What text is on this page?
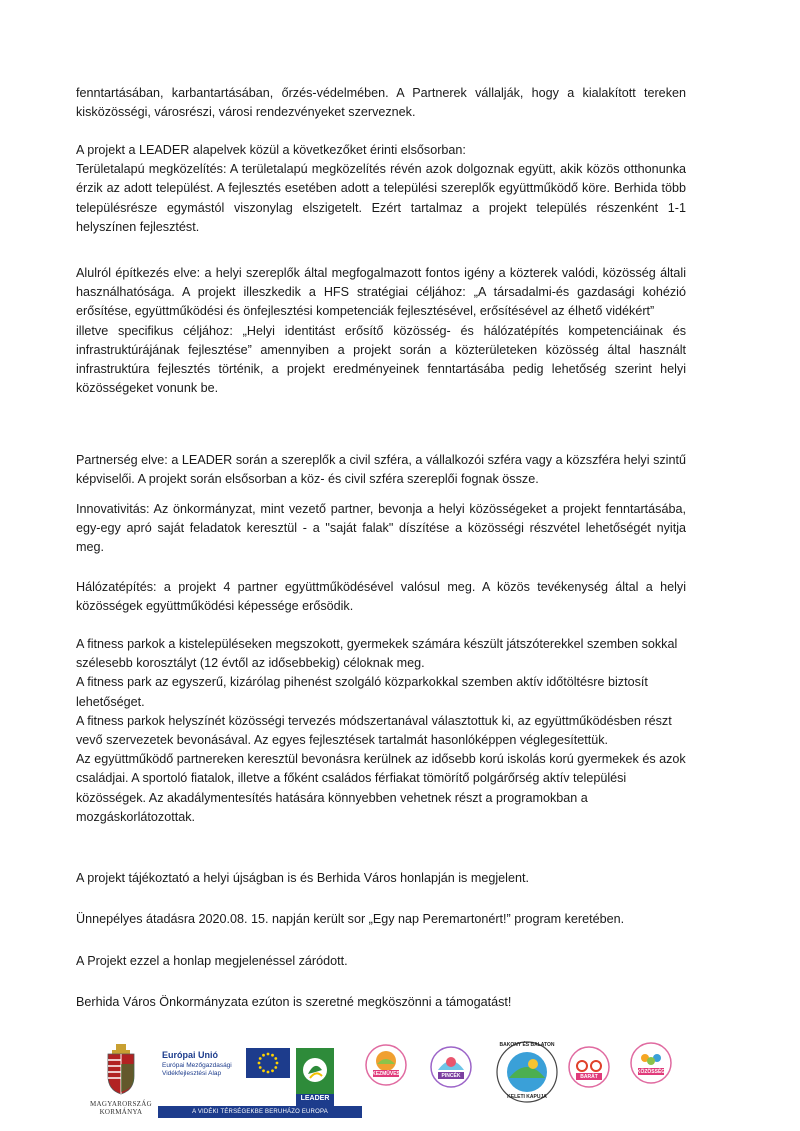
fenntartásában, karbantartásában, őrzés-védelmében. A Partnerek vállalják, hogy a kialakított tereken kisközösségi, városrészi, városi rendezvényeket szerveznek.

A projekt a LEADER alapelvek közül a következőket érinti elsősorban:
Területalapú megközelítés: A területalapú megközelítés révén azok dolgoznak együtt, akik közös otthonunka érzik az adott települést. A fejlesztés esetében adott a települési szereplők együttműködő köre. Berhida több településrésze egymástól viszonylag elszigetelt. Ezért tartalmaz a projekt település részenként 1-1 helyszínen fejlesztést.

Alulról építkezés elve: a helyi szereplők által megfogalmazott fontos igény a közterek valódi, közösség általi használhatósága. A projekt illeszkedik a HFS stratégiai céljához: „A társadalmi-és gazdasági kohézió erősítése, együttműködési és önfejlesztési kompetenciák fejlesztésével, erősítésével az élhető vidékért”
illetve specifikus céljához: „Helyi identitást erősítő közösség- és hálózatépítés kompetenciáinak és infrastruktúrájának fejlesztése” amennyiben a projekt során a közterületeken közösség által használt infrastruktúra fejlesztés történik, a projekt eredményeinek fenntartásába pedig lehetőség szerint helyi közösségeket vonunk be.

Partnerség elve: a LEADER során a szereplők a civil szféra, a vállalkozói szféra vagy a közszféra helyi szintű képviselői. A projekt során elsősorban a köz- és civil szféra szereplői fognak össze.

Innovativitás: Az önkormányzat, mint vezető partner, bevonja a helyi közösségeket a projekt fenntartásába, egy-egy apró saját feladatok keresztül - a "saját falak" díszítése a közösségi részvétel lehetőségét nyitja meg.

Hálózatépítés: a projekt 4 partner együttműködésével valósul meg. A közös tevékenység által a helyi közösségek együttműködési képessége erősödik.

A fitness parkok a kistelepüléseken megszokott, gyermekek számára készült játszóterekkel szemben sokkal szélesebb korosztályt (12 évtől az idősebbekig) céloknak meg.
A fitness park az egyszerű, kizárólag pihenést szolgáló közparkokkal szemben aktív időtöltésre biztosít lehetőséget.
A fitness parkok helyszínét közösségi tervezés módszertanával választottuk ki, az együttműködésben részt vevő szervezetek bevonásával. Az egyes fejlesztések tartalmát hasonlóképpen véglegesítettük.
Az együttműködő partnereken keresztül bevonásra kerülnek az idősebb korú iskolás korú gyermekek és azok családjai. A sportoló fiatalok, illetve a főként családos férfiakat tömörítő polgárőrség aktív települési közösségek. Az akadálymentesítés hatására könnyebben vehetnek részt a programokban a mozgáskorlátozottak.

A projekt tájékoztató a helyi újságban is és Berhida Város honlapján is megjelent.

Ünnepélyes átadásra 2020.08. 15. napján került sor „Egy nap Peremartonért!” program keretében.

A Projekt ezzel a honlap megjelenéssel záródott.

Berhida Város Önkormányzata ezúton is szeretné megköszönni a támogatást!

MAGYARORSZÁG
KORMÁNYA
Európai Unió
Európai Mezőgazdasági Vidékfejlesztési Alap
A VIDÉKI TÉRSÉGEKBE BERUHÁZÓ EURÓPA
LEADER
KEZMŰVES	PINCÉK
BAKONY ÉS BALATON
KELETI KAPUJA
BARÁT
KÖZÖSSÉG
